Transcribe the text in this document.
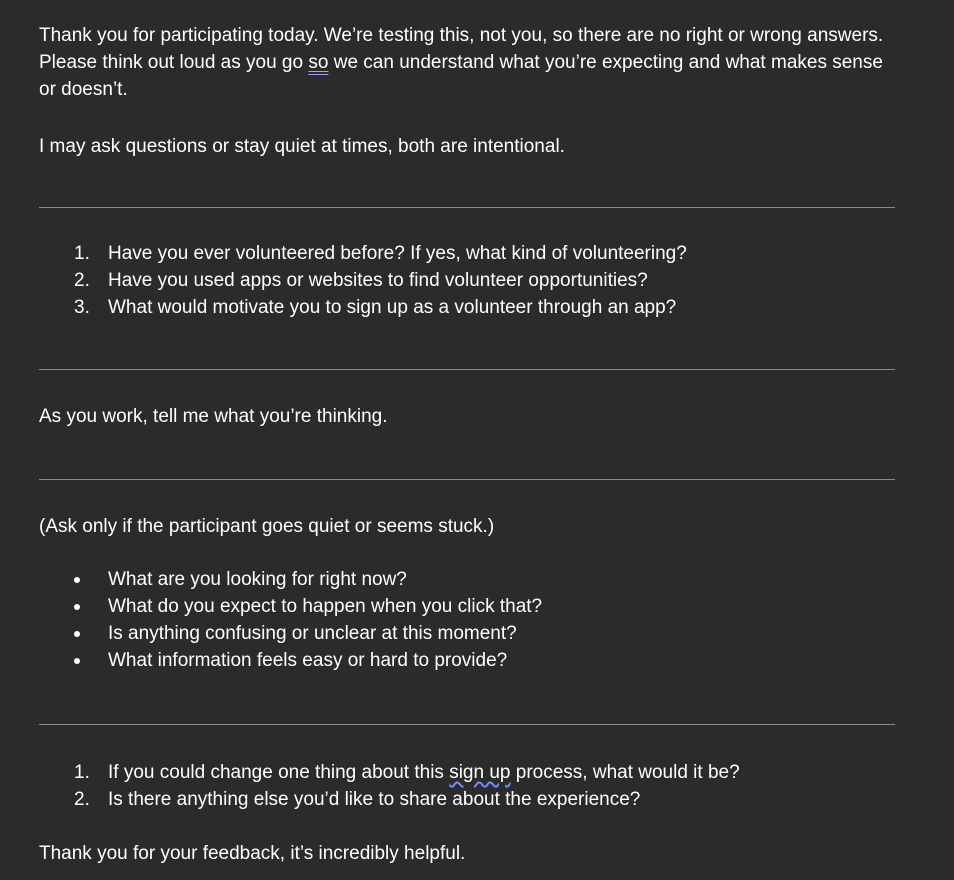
Thank you for participating today. We’re testing this, not you, so there are no right or wrong answers. Please think out loud as you go so we can understand what you’re expecting and what makes sense or doesn’t.

I may ask questions or stay quiet at times, both are intentional.

1. Have you ever volunteered before? If yes, what kind of volunteering?
2. Have you used apps or websites to find volunteer opportunities?
3. What would motivate you to sign up as a volunteer through an app?
As you work, tell me what you’re thinking.
(Ask only if the participant goes quiet or seems stuck.)
What are you looking for right now?
What do you expect to happen when you click that?
Is anything confusing or unclear at this moment?
What information feels easy or hard to provide?
1. If you could change one thing about this sign up process, what would it be?
2. Is there anything else you’d like to share about the experience?
Thank you for your feedback, it’s incredibly helpful.
